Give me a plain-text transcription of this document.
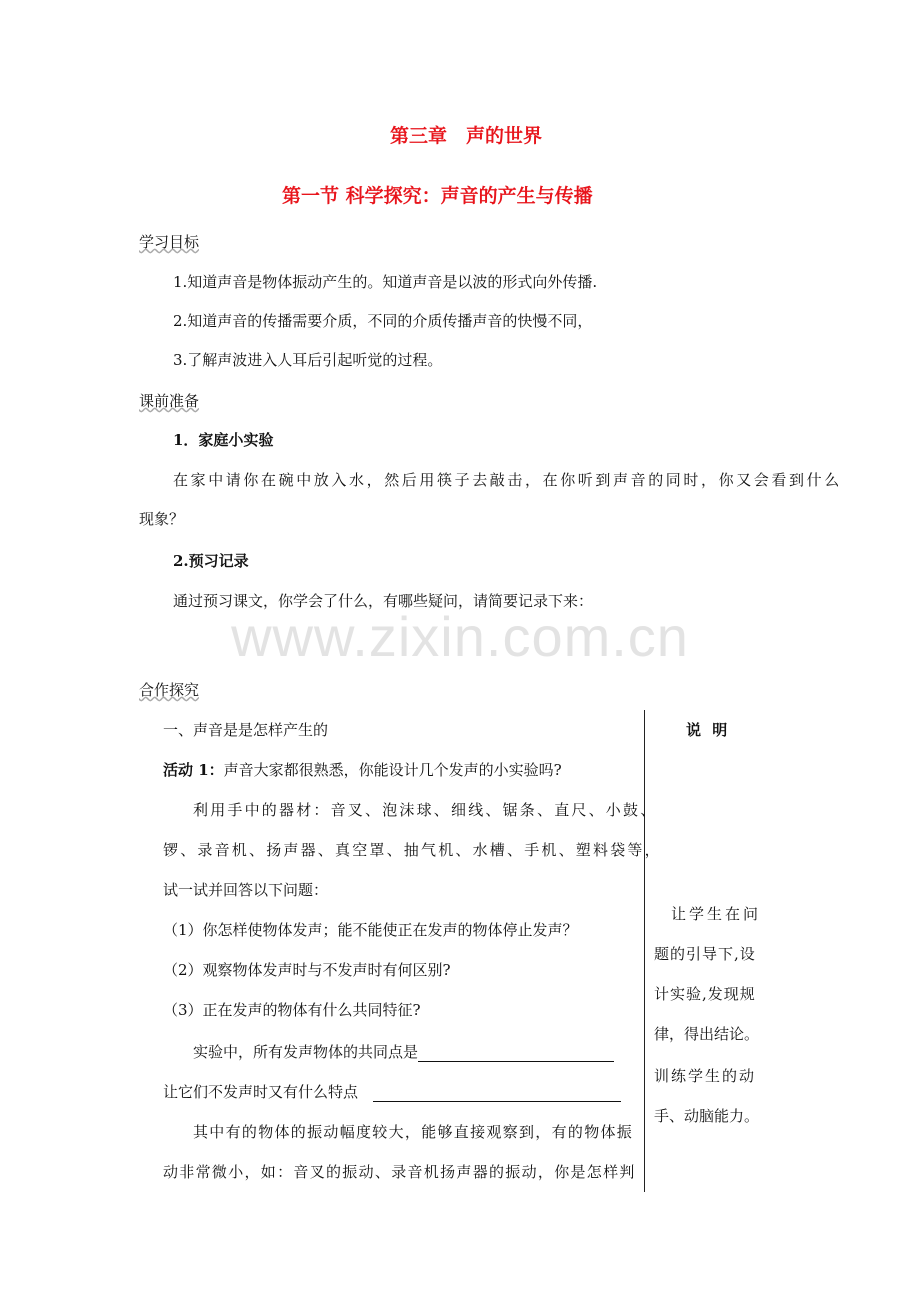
www.zixin.com.cn
第三章　声的世界
第一节 科学探究：声音的产生与传播
学习目标
1.知道声音是物体振动产生的。知道声音是以波的形式向外传播.
2.知道声音的传播需要介质，不同的介质传播声音的快慢不同，
3.了解声波进入人耳后引起听觉的过程。
课前准备
1．家庭小实验
在家中请你在碗中放入水，然后用筷子去敲击，在你听到声音的同时，你又会看到什么
现象？
2.预习记录
通过预习课文，你学会了什么，有哪些疑问，请简要记录下来：
合作探究
一、声音是是怎样产生的
活动 1：声音大家都很熟悉，你能设计几个发声的小实验吗?
利用手中的器材：音叉、泡沫球、细线、锯条、直尺、小鼓、
锣、录音机、扬声器、真空罩、抽气机、水槽、手机、塑料袋等，
试一试并回答以下问题：
（1）你怎样使物体发声；能不能使正在发声的物体停止发声？
（2）观察物体发声时与不发声时有何区别?
（3）正在发声的物体有什么共同特征?
实验中，所有发声物体的共同点是
让它们不发声时又有什么特点
其中有的物体的振动幅度较大，能够直接观察到，有的物体振
动非常微小，如：音叉的振动、录音机扬声器的振动，你是怎样判
说 明
让学生在问
题的引导下,设
计实验,发现规
律，得出结论。
训练学生的动
手、动脑能力。
